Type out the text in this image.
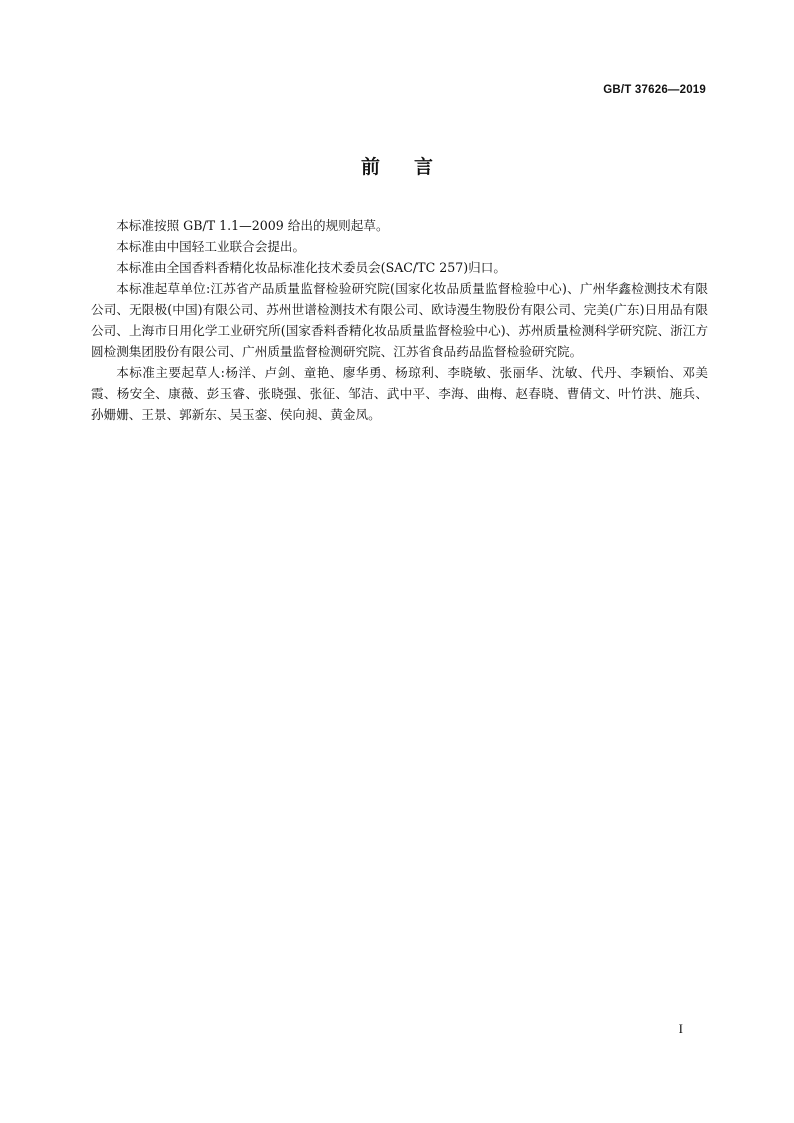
GB/T 37626—2019
前言

本标准按照 GB/T 1.1—2009 给出的规则起草。

本标准由中国轻工业联合会提出。

本标准由全国香料香精化妆品标准化技术委员会(SAC/TC 257)归口。

本标准起草单位:江苏省产品质量监督检验研究院(国家化妆品质量监督检验中心)、广州华鑫检测技术有限公司、无限极(中国)有限公司、苏州世谱检测技术有限公司、欧诗漫生物股份有限公司、完美(广东)日用品有限公司、上海市日用化学工业研究所(国家香料香精化妆品质量监督检验中心)、苏州质量检测科学研究院、浙江方圆检测集团股份有限公司、广州质量监督检测研究院、江苏省食品药品监督检验研究院。

本标准主要起草人:杨洋、卢剑、童艳、廖华勇、杨琼利、李晓敏、张丽华、沈敏、代丹、李颖怡、邓美霞、杨安全、康薇、彭玉睿、张晓强、张征、邹洁、武中平、李海、曲梅、赵春晓、曹倩文、叶竹洪、施兵、孙姗姗、王景、郭新东、吴玉銮、侯向昶、黄金凤。

I
